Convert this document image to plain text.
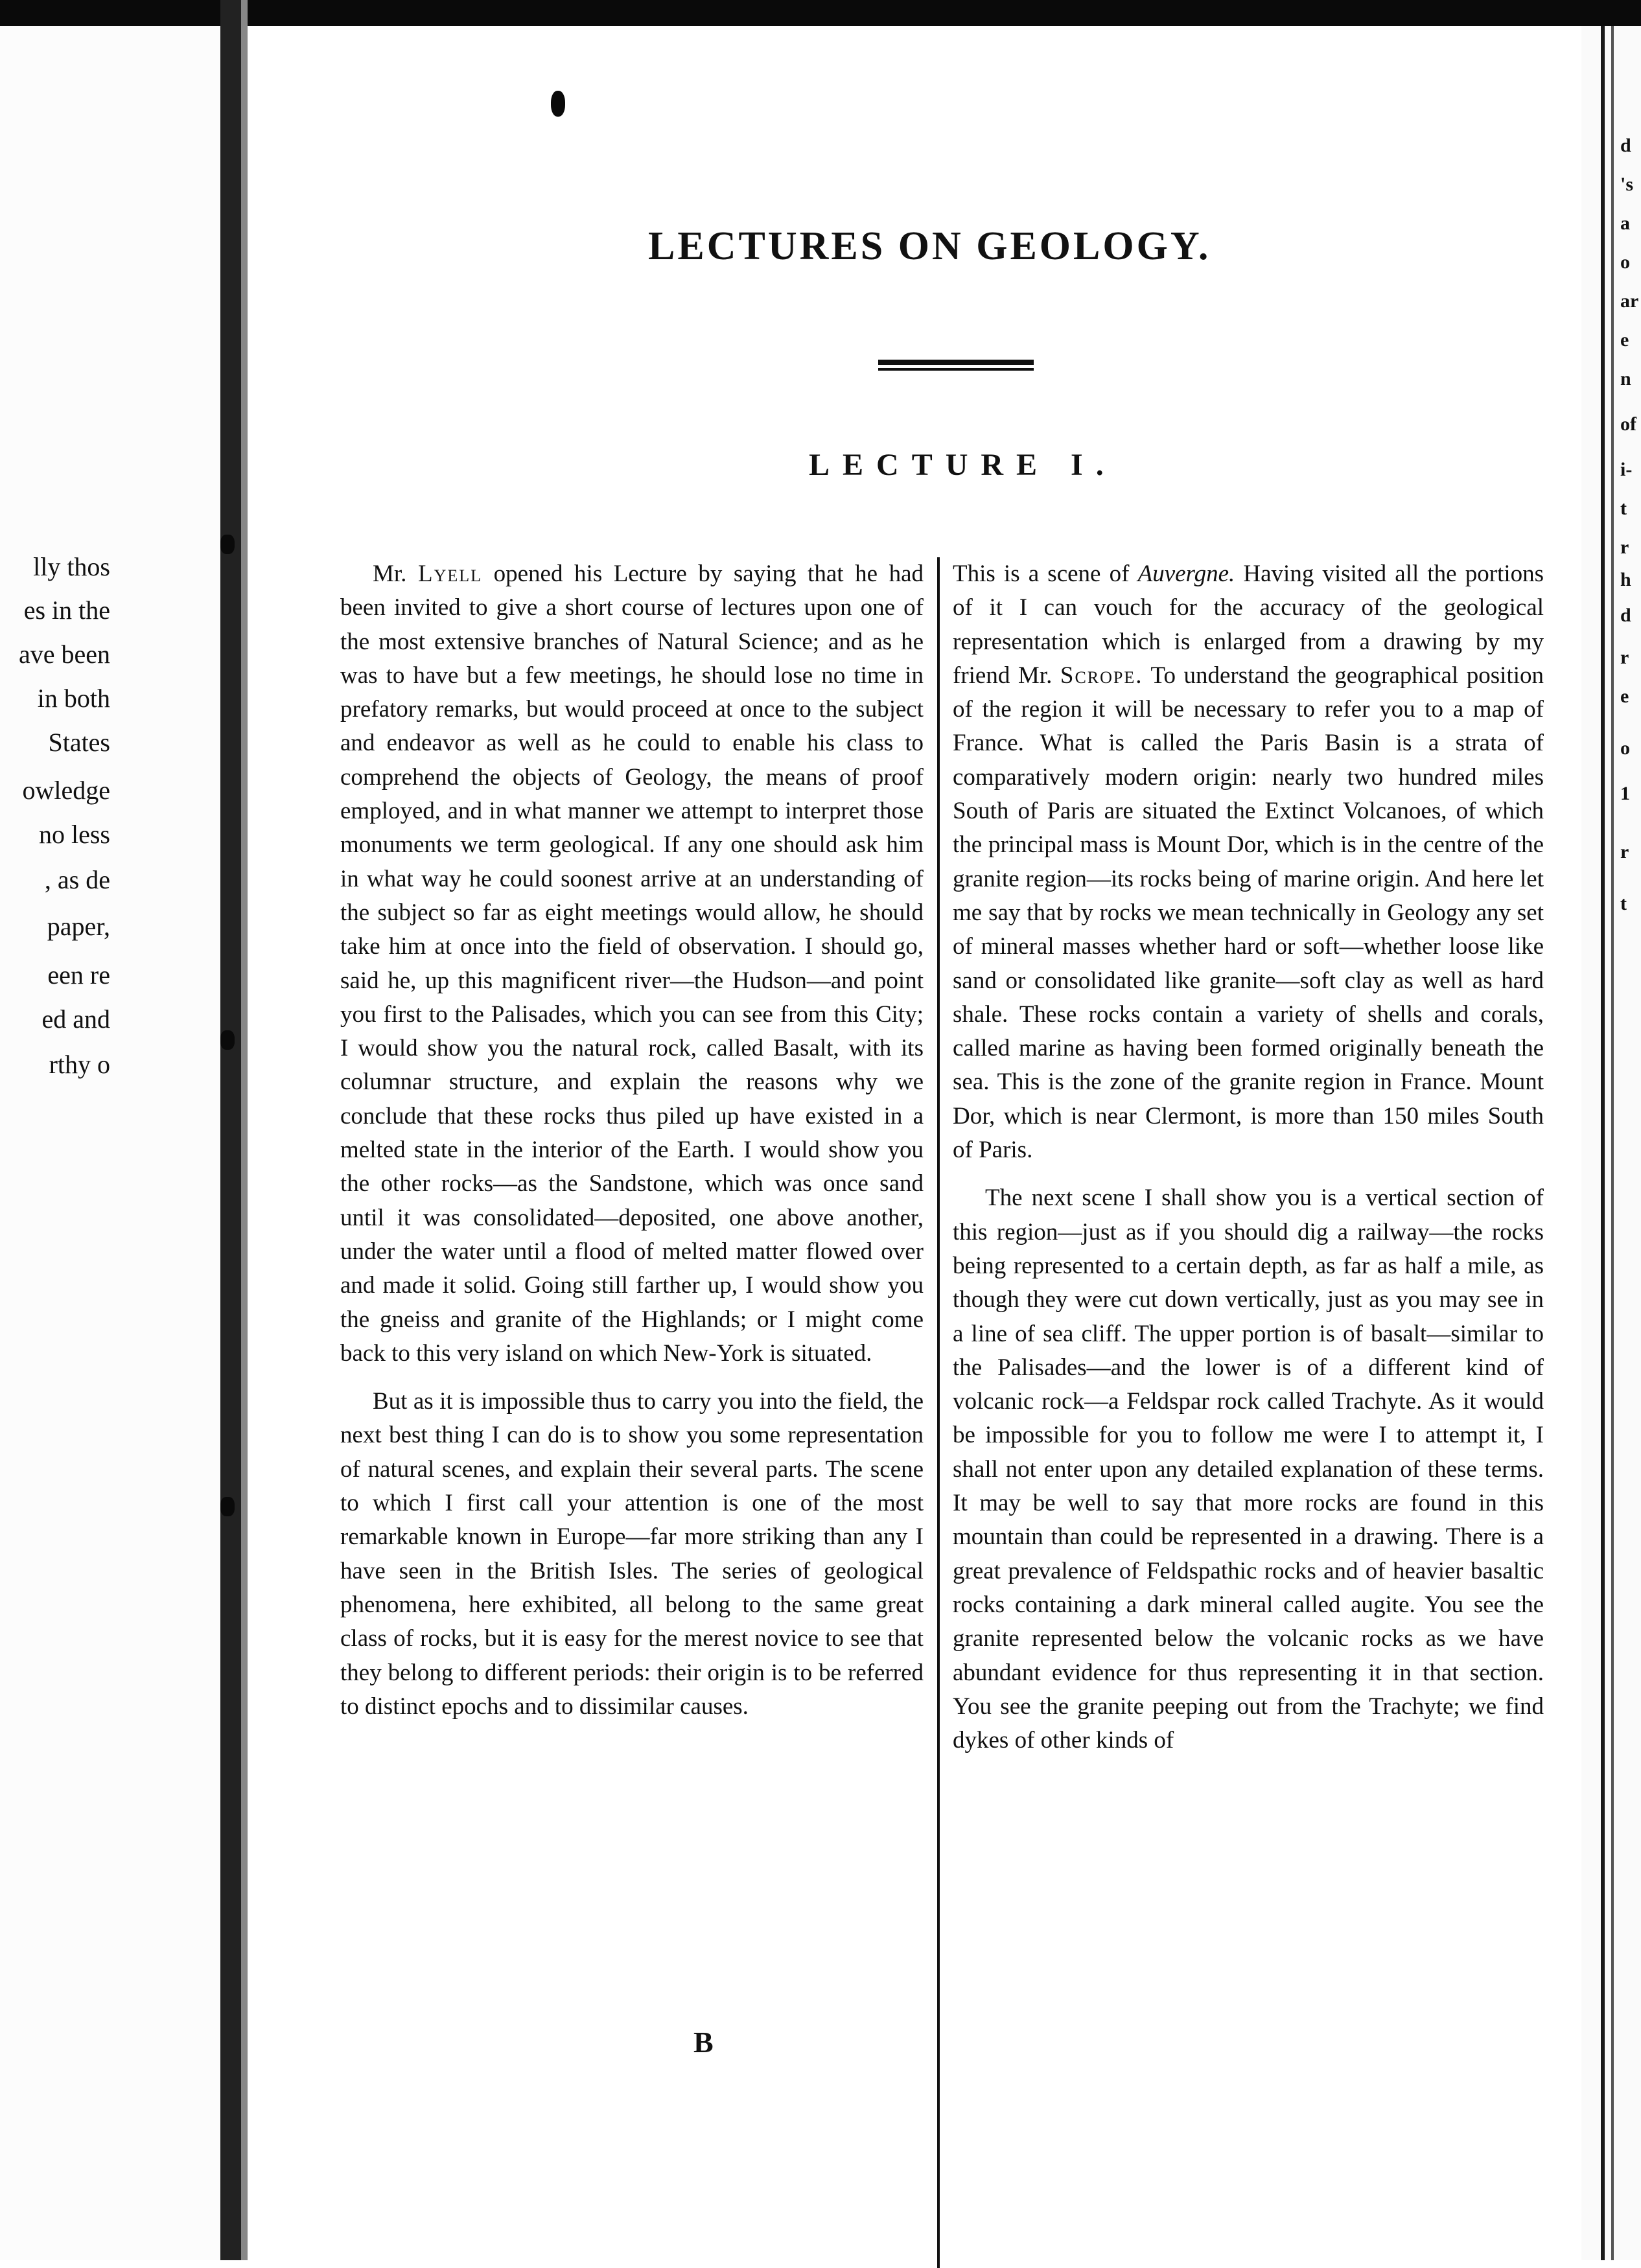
lly thos
es in the
ave been
in both
States
owledge
no less
, as de
paper,
een re
ed and
rthy o
d
's
a
o
ar
e
n
of
i-
t
r
h
d
r
e
o
1
r
t
LECTURES ON GEOLOGY.
LECTURE I.

Mr. Lyell opened his Lecture by saying that he had been invited to give a short course of lectures upon one of the most extensive branches of Natural Science; and as he was to have but a few meetings, he should lose no time in prefatory remarks, but would proceed at once to the subject and endeavor as well as he could to enable his class to comprehend the objects of Geology, the means of proof employed, and in what manner we attempt to interpret those monuments we term geological. If any one should ask him in what way he could soonest arrive at an understanding of the subject so far as eight meetings would allow, he should take him at once into the field of observation. I should go, said he, up this magnificent river—the Hudson—and point you first to the Palisades, which you can see from this City; I would show you the natural rock, called Basalt, with its columnar structure, and explain the reasons why we conclude that these rocks thus piled up have existed in a melted state in the interior of the Earth. I would show you the other rocks—as the Sandstone, which was once sand until it was consolidated—deposited, one above another, under the water until a flood of melted matter flowed over and made it solid. Going still farther up, I would show you the gneiss and granite of the Highlands; or I might come back to this very island on which New-York is situated.

But as it is impossible thus to carry you into the field, the next best thing I can do is to show you some representation of natural scenes, and explain their several parts. The scene to which I first call your attention is one of the most remarkable known in Europe—far more striking than any I have seen in the British Isles. The series of geological phenomena, here exhibited, all belong to the same great class of rocks, but it is easy for the merest novice to see that they belong to different periods: their origin is to be referred to distinct epochs and to dissimilar causes.

This is a scene of Auvergne. Having visited all the portions of it I can vouch for the accuracy of the geological representation which is enlarged from a drawing by my friend Mr. Scrope. To understand the geographical position of the region it will be necessary to refer you to a map of France. What is called the Paris Basin is a strata of comparatively modern origin: nearly two hundred miles South of Paris are situated the Extinct Volcanoes, of which the principal mass is Mount Dor, which is in the centre of the granite region—its rocks being of marine origin. And here let me say that by rocks we mean technically in Geology any set of mineral masses whether hard or soft—whether loose like sand or consolidated like granite—soft clay as well as hard shale. These rocks contain a variety of shells and corals, called marine as having been formed originally beneath the sea. This is the zone of the granite region in France. Mount Dor, which is near Clermont, is more than 150 miles South of Paris.

The next scene I shall show you is a vertical section of this region—just as if you should dig a railway—the rocks being represented to a certain depth, as far as half a mile, as though they were cut down vertically, just as you may see in a line of sea cliff. The upper portion is of basalt—similar to the Palisades—and the lower is of a different kind of volcanic rock—a Feldspar rock called Trachyte. As it would be impossible for you to follow me were I to attempt it, I shall not enter upon any detailed explanation of these terms. It may be well to say that more rocks are found in this mountain than could be represented in a drawing. There is a great prevalence of Feldspathic rocks and of heavier basaltic rocks containing a dark mineral called augite. You see the granite represented below the volcanic rocks as we have abundant evidence for thus representing it in that section. You see the granite peeping out from the Trachyte; we find dykes of other kinds of

B
